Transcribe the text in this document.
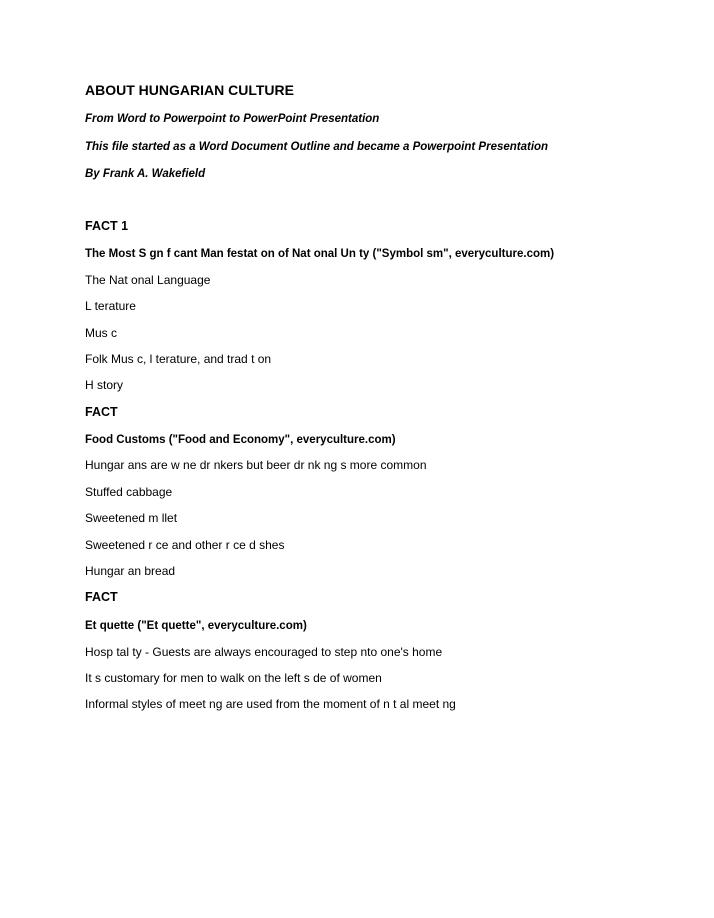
ABOUT HUNGARIAN CULTURE
From Word to Powerpoint to PowerPoint Presentation
This file started as a Word Document Outline and became a Powerpoint Presentation
By Frank A. Wakefield
FACT 1
The Most S gn f cant Man festat on of Nat onal Un ty ("Symbol sm", everyculture.com)
The Nat onal Language
L terature
Mus c
Folk Mus c, l terature, and trad t on
H story
FACT
Food Customs ("Food and Economy", everyculture.com)
Hungar ans are w ne dr nkers but beer dr nk ng s more common
Stuffed cabbage
Sweetened m llet
Sweetened r ce and other r ce d shes
Hungar an bread
FACT
Et quette ("Et quette", everyculture.com)
Hosp tal ty - Guests are always encouraged to step nto one's home
It s customary for men to walk on the left s de of women
Informal styles of meet ng are used from the moment of n t al meet ng
